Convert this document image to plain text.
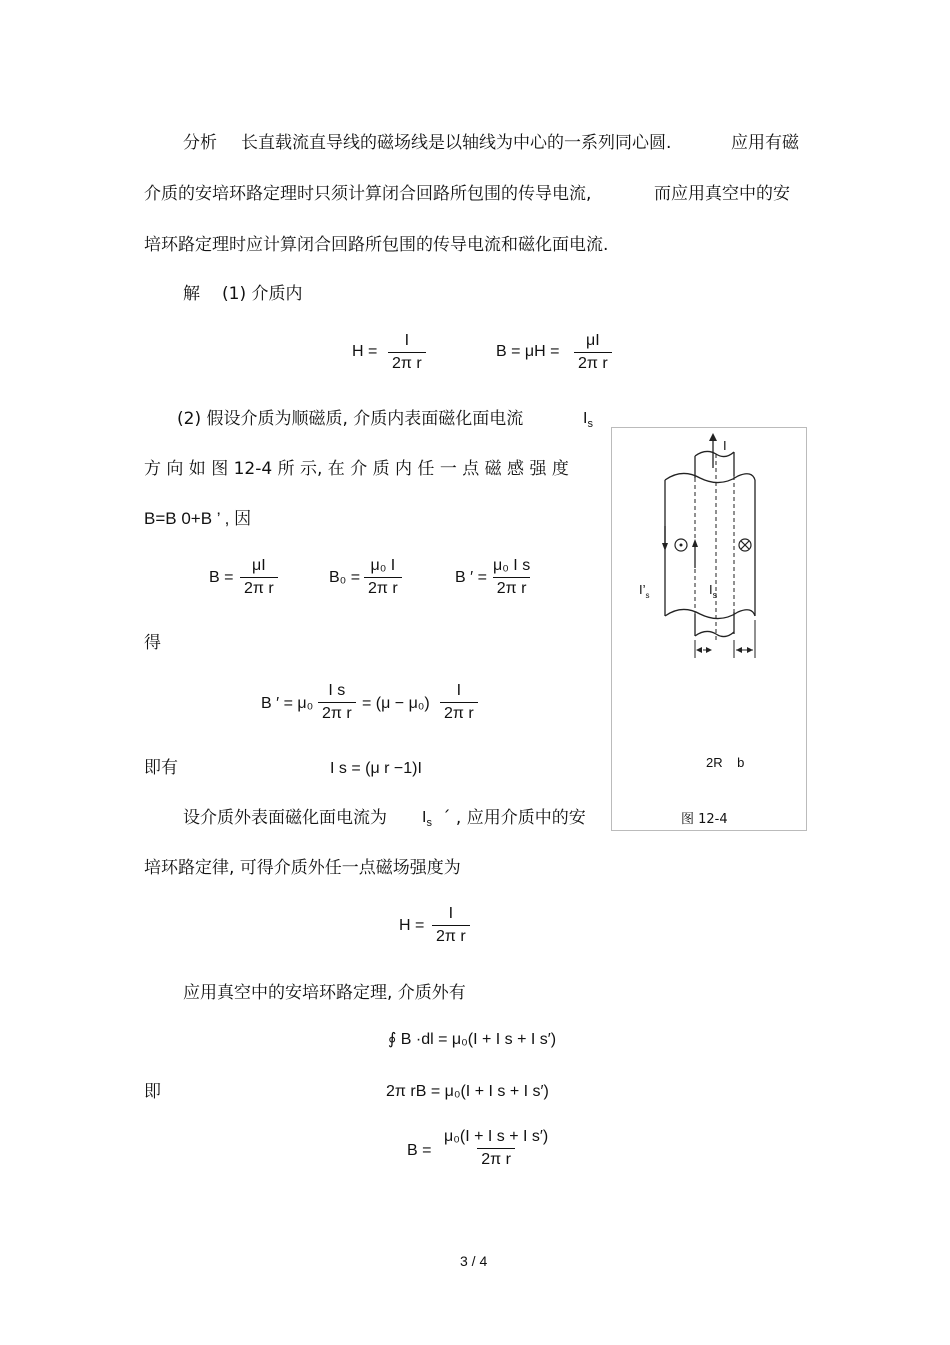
分析 长直载流直导线的磁场线是以轴线为中心的一系列同心圆.	应用有磁
介质的安培环路定理时只须计算闭合回路所包围的传导电流,	而应用真空中的安
培环路定理时应计算闭合回路所包围的传导电流和磁化面电流.
解 (1) 介质内
$H = \frac{I}{\text{2π r}}$	$B = \mu H = \frac{\mu I}{\text{2π r}}$
(2) 假设介质为顺磁质, 介质内表面磁化面电流	$I_s$
方 向 如 图 12-4 所 示, 在 介 质 内 任 一 点 磁 感 强 度
B=B 0+B ’ , 因
$B = \frac{\mu I}{\text{2π r}}$	$B_0 = \frac{\text{μ₀ I}}{\text{2π r}}$	B ′ = $\frac{\text{μ₀ I s}}{\text{2π r}}$
得
B ′ = $\mu_0 \frac{\text{I s}}{\text{2π r}} = (\mu - \mu_0) \frac{I}{\text{2π r}}$
即有	I s = (μ r −1)I
设介质外表面磁化面电流为 $I_s$ ´ , 应用介质中的安
培环路定律, 可得介质外任一点磁场强度为
$H = \frac{I}{\text{2π r}}$
应用真空中的安培环路定理, 介质外有
∮ B ·dl = μ₀(I + I s + I s′)
即	2π rB = μ₀(I + I s + I s′)
$B = \frac{\text{μ₀(I + I s + I s′)}}{\text{2π r}}$
I
$I’_s$	$I_s$
2R    b
图 12-4
3 / 4
